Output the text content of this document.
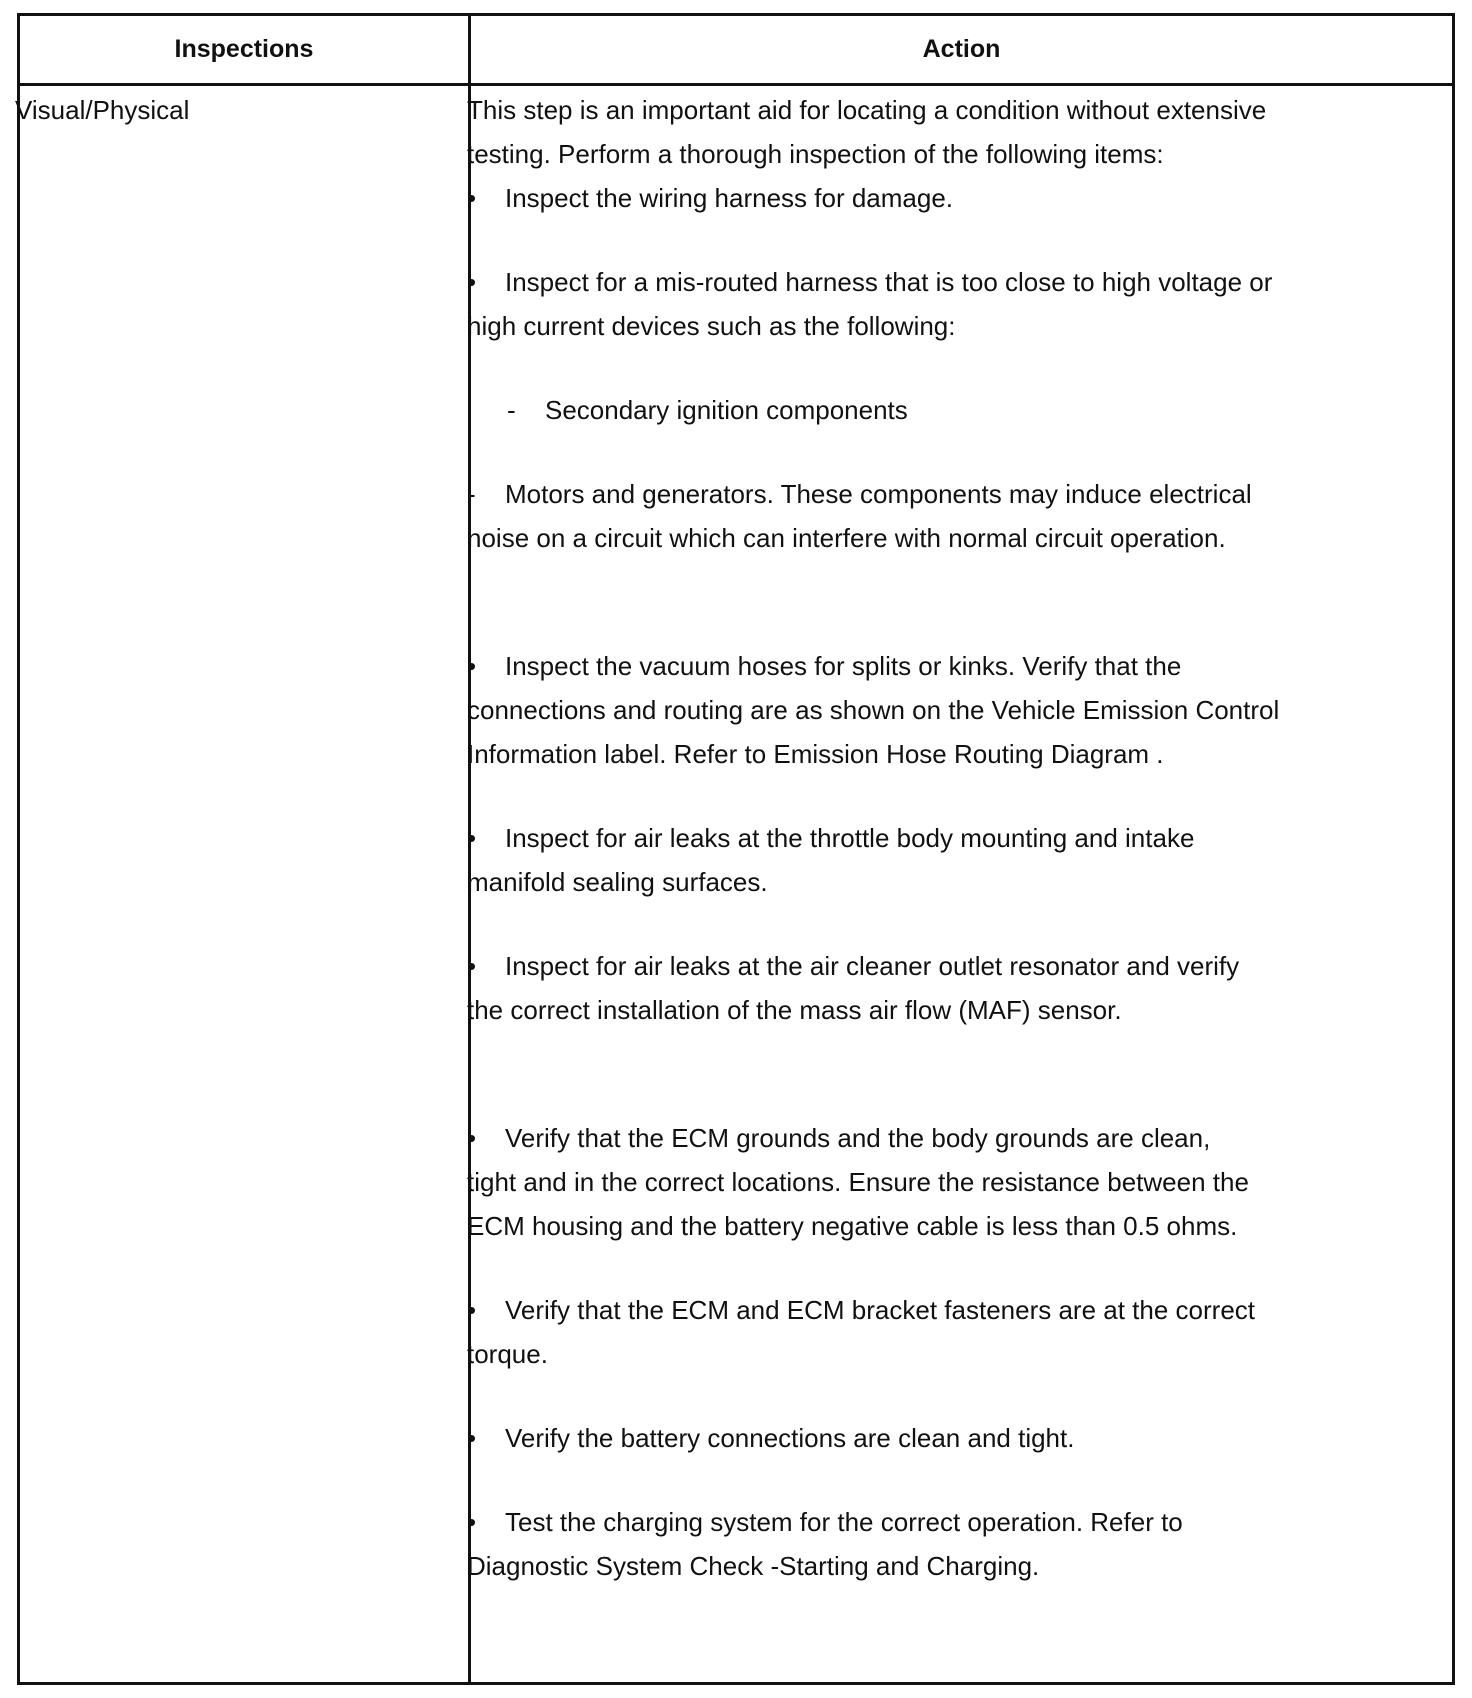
Inspections	Action
Visual/Physical	This step is an important aid for locating a condition without extensive
testing. Perform a thorough inspection of the following items:
• Inspect the wiring harness for damage.
• Inspect for a mis-routed harness that is too close to high voltage or
high current devices such as the following:
- Secondary ignition components
- Motors and generators. These components may induce electrical
noise on a circuit which can interfere with normal circuit operation.
• Inspect the vacuum hoses for splits or kinks. Verify that the
connections and routing are as shown on the Vehicle Emission Control
Information label. Refer to Emission Hose Routing Diagram .
• Inspect for air leaks at the throttle body mounting and intake
manifold sealing surfaces.
• Inspect for air leaks at the air cleaner outlet resonator and verify
the correct installation of the mass air flow (MAF) sensor.
• Verify that the ECM grounds and the body grounds are clean,
tight and in the correct locations. Ensure the resistance between the
ECM housing and the battery negative cable is less than 0.5 ohms.
• Verify that the ECM and ECM bracket fasteners are at the correct
torque.
• Verify the battery connections are clean and tight.
• Test the charging system for the correct operation. Refer to
Diagnostic System Check -Starting and Charging.
